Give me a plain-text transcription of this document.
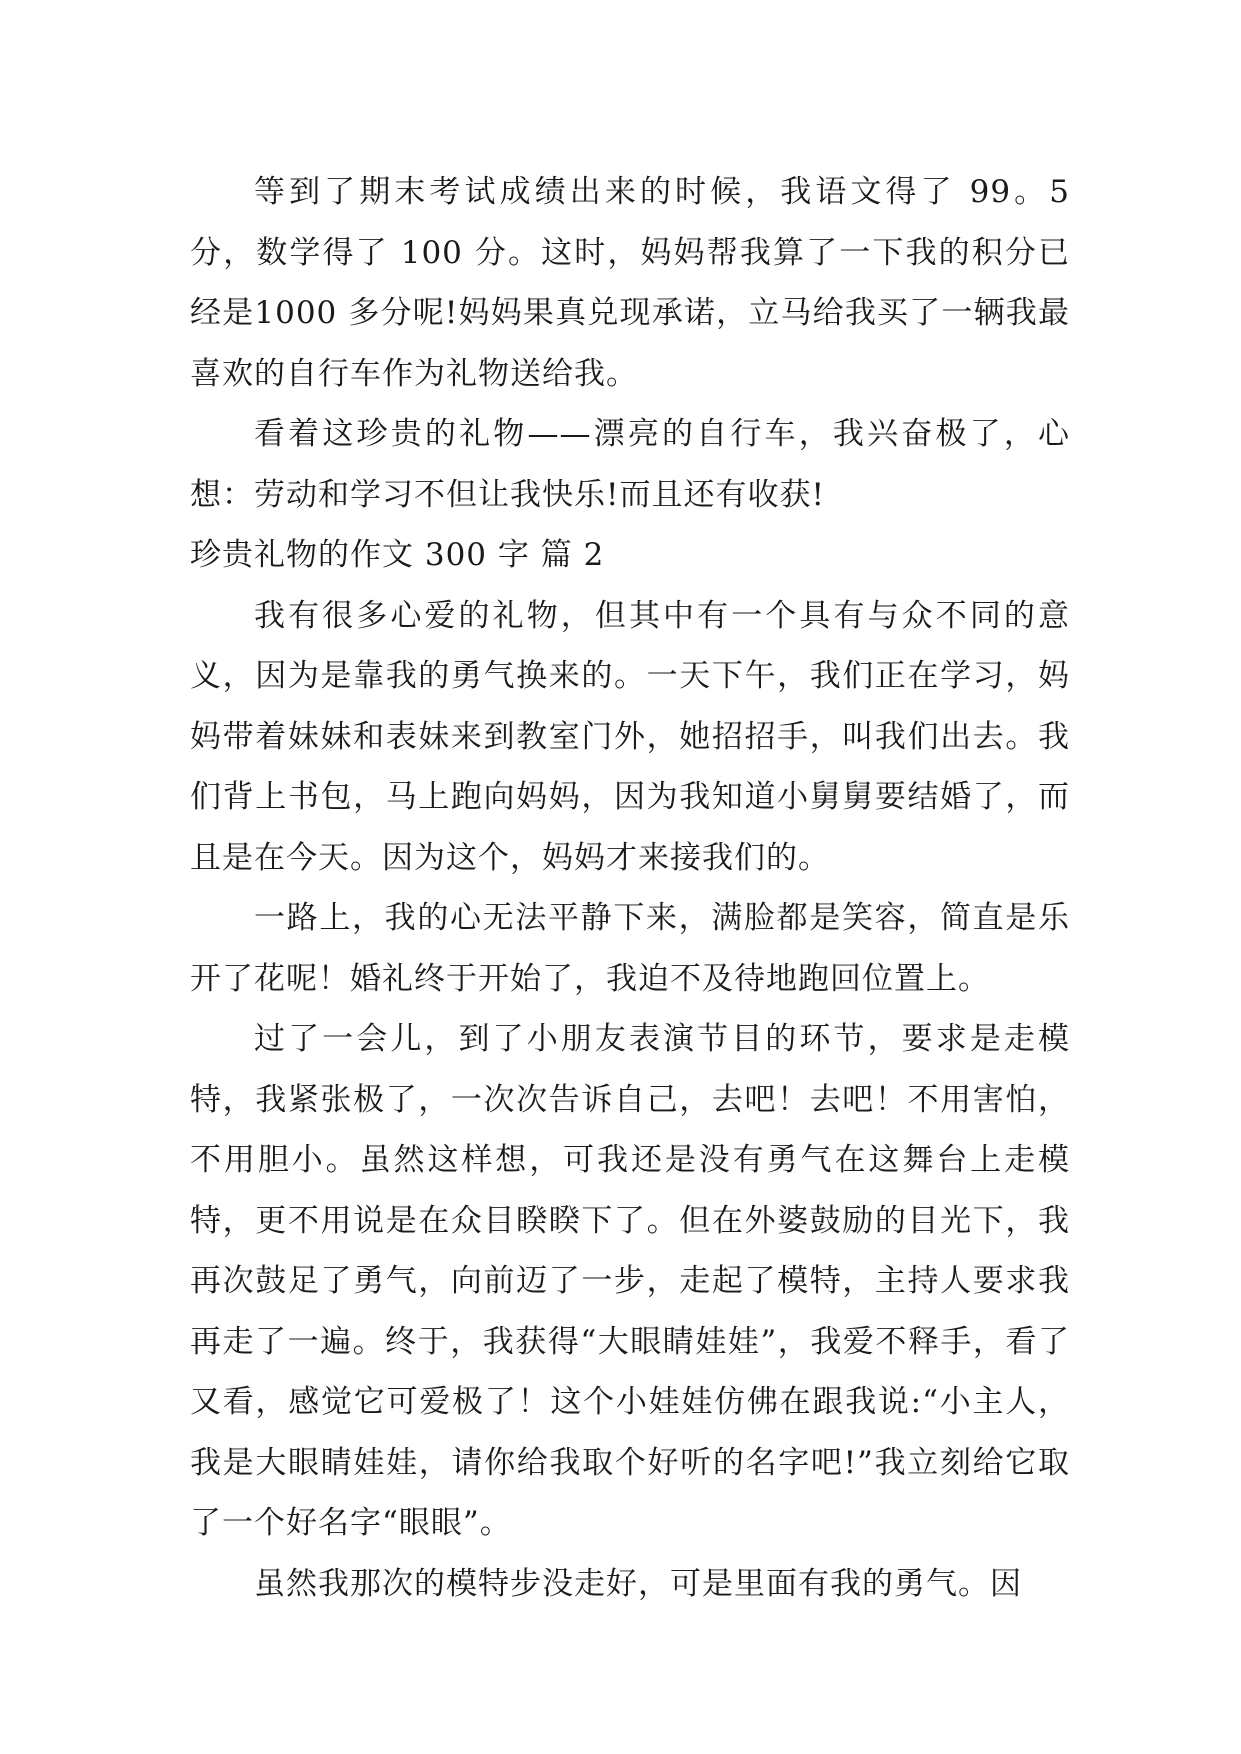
等到了期末考试成绩出来的时候，我语文得了 99。5 分，数学得了 100 分。这时，妈妈帮我算了一下我的积分已经是1000 多分呢!妈妈果真兑现承诺，立马给我买了一辆我最喜欢的自行车作为礼物送给我。

看着这珍贵的礼物——漂亮的自行车，我兴奋极了，心想：劳动和学习不但让我快乐!而且还有收获!

珍贵礼物的作文 300 字 篇 2

我有很多心爱的礼物，但其中有一个具有与众不同的意义，因为是靠我的勇气换来的。一天下午，我们正在学习，妈妈带着妹妹和表妹来到教室门外，她招招手，叫我们出去。我们背上书包，马上跑向妈妈，因为我知道小舅舅要结婚了，而且是在今天。因为这个，妈妈才来接我们的。

一路上，我的心无法平静下来，满脸都是笑容，简直是乐开了花呢！婚礼终于开始了，我迫不及待地跑回位置上。

过了一会儿，到了小朋友表演节目的环节，要求是走模特，我紧张极了，一次次告诉自己，去吧！去吧！不用害怕，不用胆小。虽然这样想，可我还是没有勇气在这舞台上走模特，更不用说是在众目睽睽下了。但在外婆鼓励的目光下，我再次鼓足了勇气，向前迈了一步，走起了模特，主持人要求我再走了一遍。终于，我获得“大眼睛娃娃”，我爱不释手，看了又看，感觉它可爱极了！这个小娃娃仿佛在跟我说:“小主人，我是大眼睛娃娃，请你给我取个好听的名字吧!”我立刻给它取了一个好名字“眼眼”。

虽然我那次的模特步没走好，可是里面有我的勇气。因
